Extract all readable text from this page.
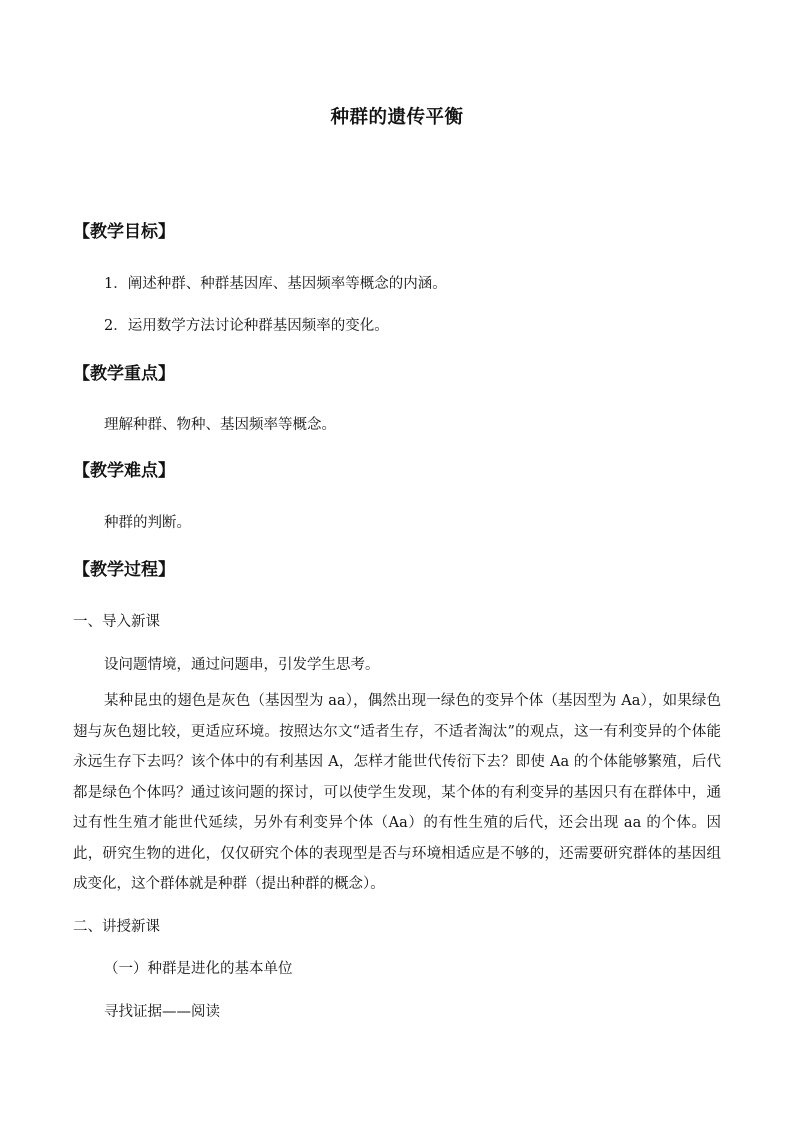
种群的遗传平衡
【教学目标】
1．阐述种群、种群基因库、基因频率等概念的内涵。
2．运用数学方法讨论种群基因频率的变化。
【教学重点】
理解种群、物种、基因频率等概念。
【教学难点】
种群的判断。
【教学过程】
一、导入新课
设问题情境，通过问题串，引发学生思考。
某种昆虫的翅色是灰色（基因型为 aa），偶然出现一绿色的变异个体（基因型为 Aa），如果绿色翅与灰色翅比较，更适应环境。按照达尔文“适者生存，不适者淘汰”的观点，这一有利变异的个体能永远生存下去吗？该个体中的有利基因 A，怎样才能世代传衍下去？即使 Aa 的个体能够繁殖，后代都是绿色个体吗？通过该问题的探讨，可以使学生发现，某个体的有利变异的基因只有在群体中，通过有性生殖才能世代延续，另外有利变异个体（Aa）的有性生殖的后代，还会出现 aa 的个体。因此，研究生物的进化，仅仅研究个体的表现型是否与环境相适应是不够的，还需要研究群体的基因组成变化，这个群体就是种群（提出种群的概念）。
二、讲授新课
（一）种群是进化的基本单位
寻找证据——阅读
